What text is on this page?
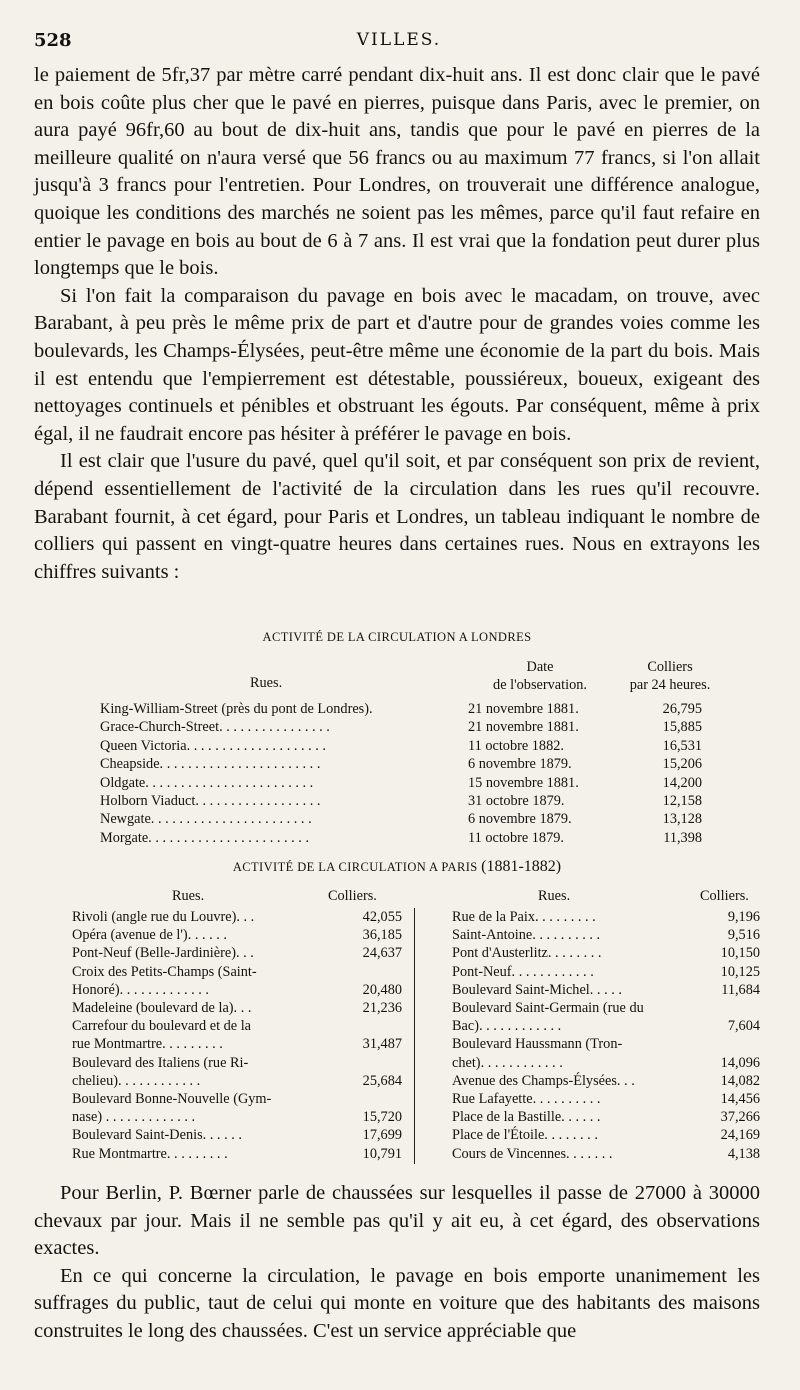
528	VILLES.

le paiement de 5fr,37 par mètre carré pendant dix-huit ans. Il est donc clair que le pavé en bois coûte plus cher que le pavé en pierres, puisque dans Paris, avec le premier, on aura payé 96fr,60 au bout de dix-huit ans, tandis que pour le pavé en pierres de la meilleure qualité on n'aura versé que 56 francs ou au maximum 77 francs, si l'on allait jusqu'à 3 francs pour l'entretien. Pour Londres, on trouverait une différence analogue, quoique les conditions des marchés ne soient pas les mêmes, parce qu'il faut refaire en entier le pavage en bois au bout de 6 à 7 ans. Il est vrai que la fondation peut durer plus longtemps que le bois.

Si l'on fait la comparaison du pavage en bois avec le macadam, on trouve, avec Barabant, à peu près le même prix de part et d'autre pour de grandes voies comme les boulevards, les Champs-Élysées, peut-être même une économie de la part du bois. Mais il est entendu que l'empierrement est détestable, poussiéreux, boueux, exigeant des nettoyages continuels et pénibles et obstruant les égouts. Par conséquent, même à prix égal, il ne faudrait encore pas hésiter à préférer le pavage en bois.

Il est clair que l'usure du pavé, quel qu'il soit, et par conséquent son prix de revient, dépend essentiellement de l'activité de la circulation dans les rues qu'il recouvre. Barabant fournit, à cet égard, pour Paris et Londres, un tableau indiquant le nombre de colliers qui passent en vingt-quatre heures dans certaines rues. Nous en extrayons les chiffres suivants :

ACTIVITÉ DE LA CIRCULATION A LONDRES
Rues.
Date
de l'observation.
Colliers
par 24 heures.
King-William-Street (près du pont de Londres).	21 novembre 1881.	26,795
Grace-Church-Street. . . . . . . . . . . . . . . .	21 novembre 1881.	15,885
Queen Victoria. . . . . . . . . . . . . . . . . . . .	11 octobre 1882.	16,531
Cheapside. . . . . . . . . . . . . . . . . . . . . . .	6 novembre 1879.	15,206
Oldgate. . . . . . . . . . . . . . . . . . . . . . . .	15 novembre 1881.	14,200
Holborn Viaduct. . . . . . . . . . . . . . . . . .	31 octobre 1879.	12,158
Newgate. . . . . . . . . . . . . . . . . . . . . . .	6 novembre 1879.	13,128
Morgate. . . . . . . . . . . . . . . . . . . . . . .	11 octobre 1879.	11,398
ACTIVITÉ DE LA CIRCULATION A PARIS (1881-1882)
Rues.	Colliers.
Rivoli (angle rue du Louvre). . .	42,055
Opéra (avenue de l'). . . . . .	36,185
Pont-Neuf (Belle-Jardinière). . .	24,637
Croix des Petits-Champs (Saint-
Honoré). . . . . . . . . . . . .	20,480
Madeleine (boulevard de la). . .	21,236
Carrefour du boulevard et de la
rue Montmartre. . . . . . . . .	31,487
Boulevard des Italiens (rue Ri-
chelieu). . . . . . . . . . . .	25,684
Boulevard Bonne-Nouvelle (Gym-
nase) . . . . . . . . . . . . .	15,720
Boulevard Saint-Denis. . . . . .	17,699
Rue Montmartre. . . . . . . . .	10,791
Rues.	Colliers.
Rue de la Paix. . . . . . . . .	9,196
Saint-Antoine. . . . . . . . . .	9,516
Pont d'Austerlitz. . . . . . . .	10,150
Pont-Neuf. . . . . . . . . . . .	10,125
Boulevard Saint-Michel. . . . .	11,684
Boulevard Saint-Germain (rue du
Bac). . . . . . . . . . . .	7,604
Boulevard Haussmann (Tron-
chet). . . . . . . . . . . .	14,096
Avenue des Champs-Élysées. . .	14,082
Rue Lafayette. . . . . . . . . .	14,456
Place de la Bastille. . . . . .	37,266
Place de l'Étoile. . . . . . . .	24,169
Cours de Vincennes. . . . . . .	4,138

Pour Berlin, P. Bœrner parle de chaussées sur lesquelles il passe de 27000 à 30000 chevaux par jour. Mais il ne semble pas qu'il y ait eu, à cet égard, des observations exactes.

En ce qui concerne la circulation, le pavage en bois emporte unanimement les suffrages du public, taut de celui qui monte en voiture que des habitants des maisons construites le long des chaussées. C'est un service appréciable que
